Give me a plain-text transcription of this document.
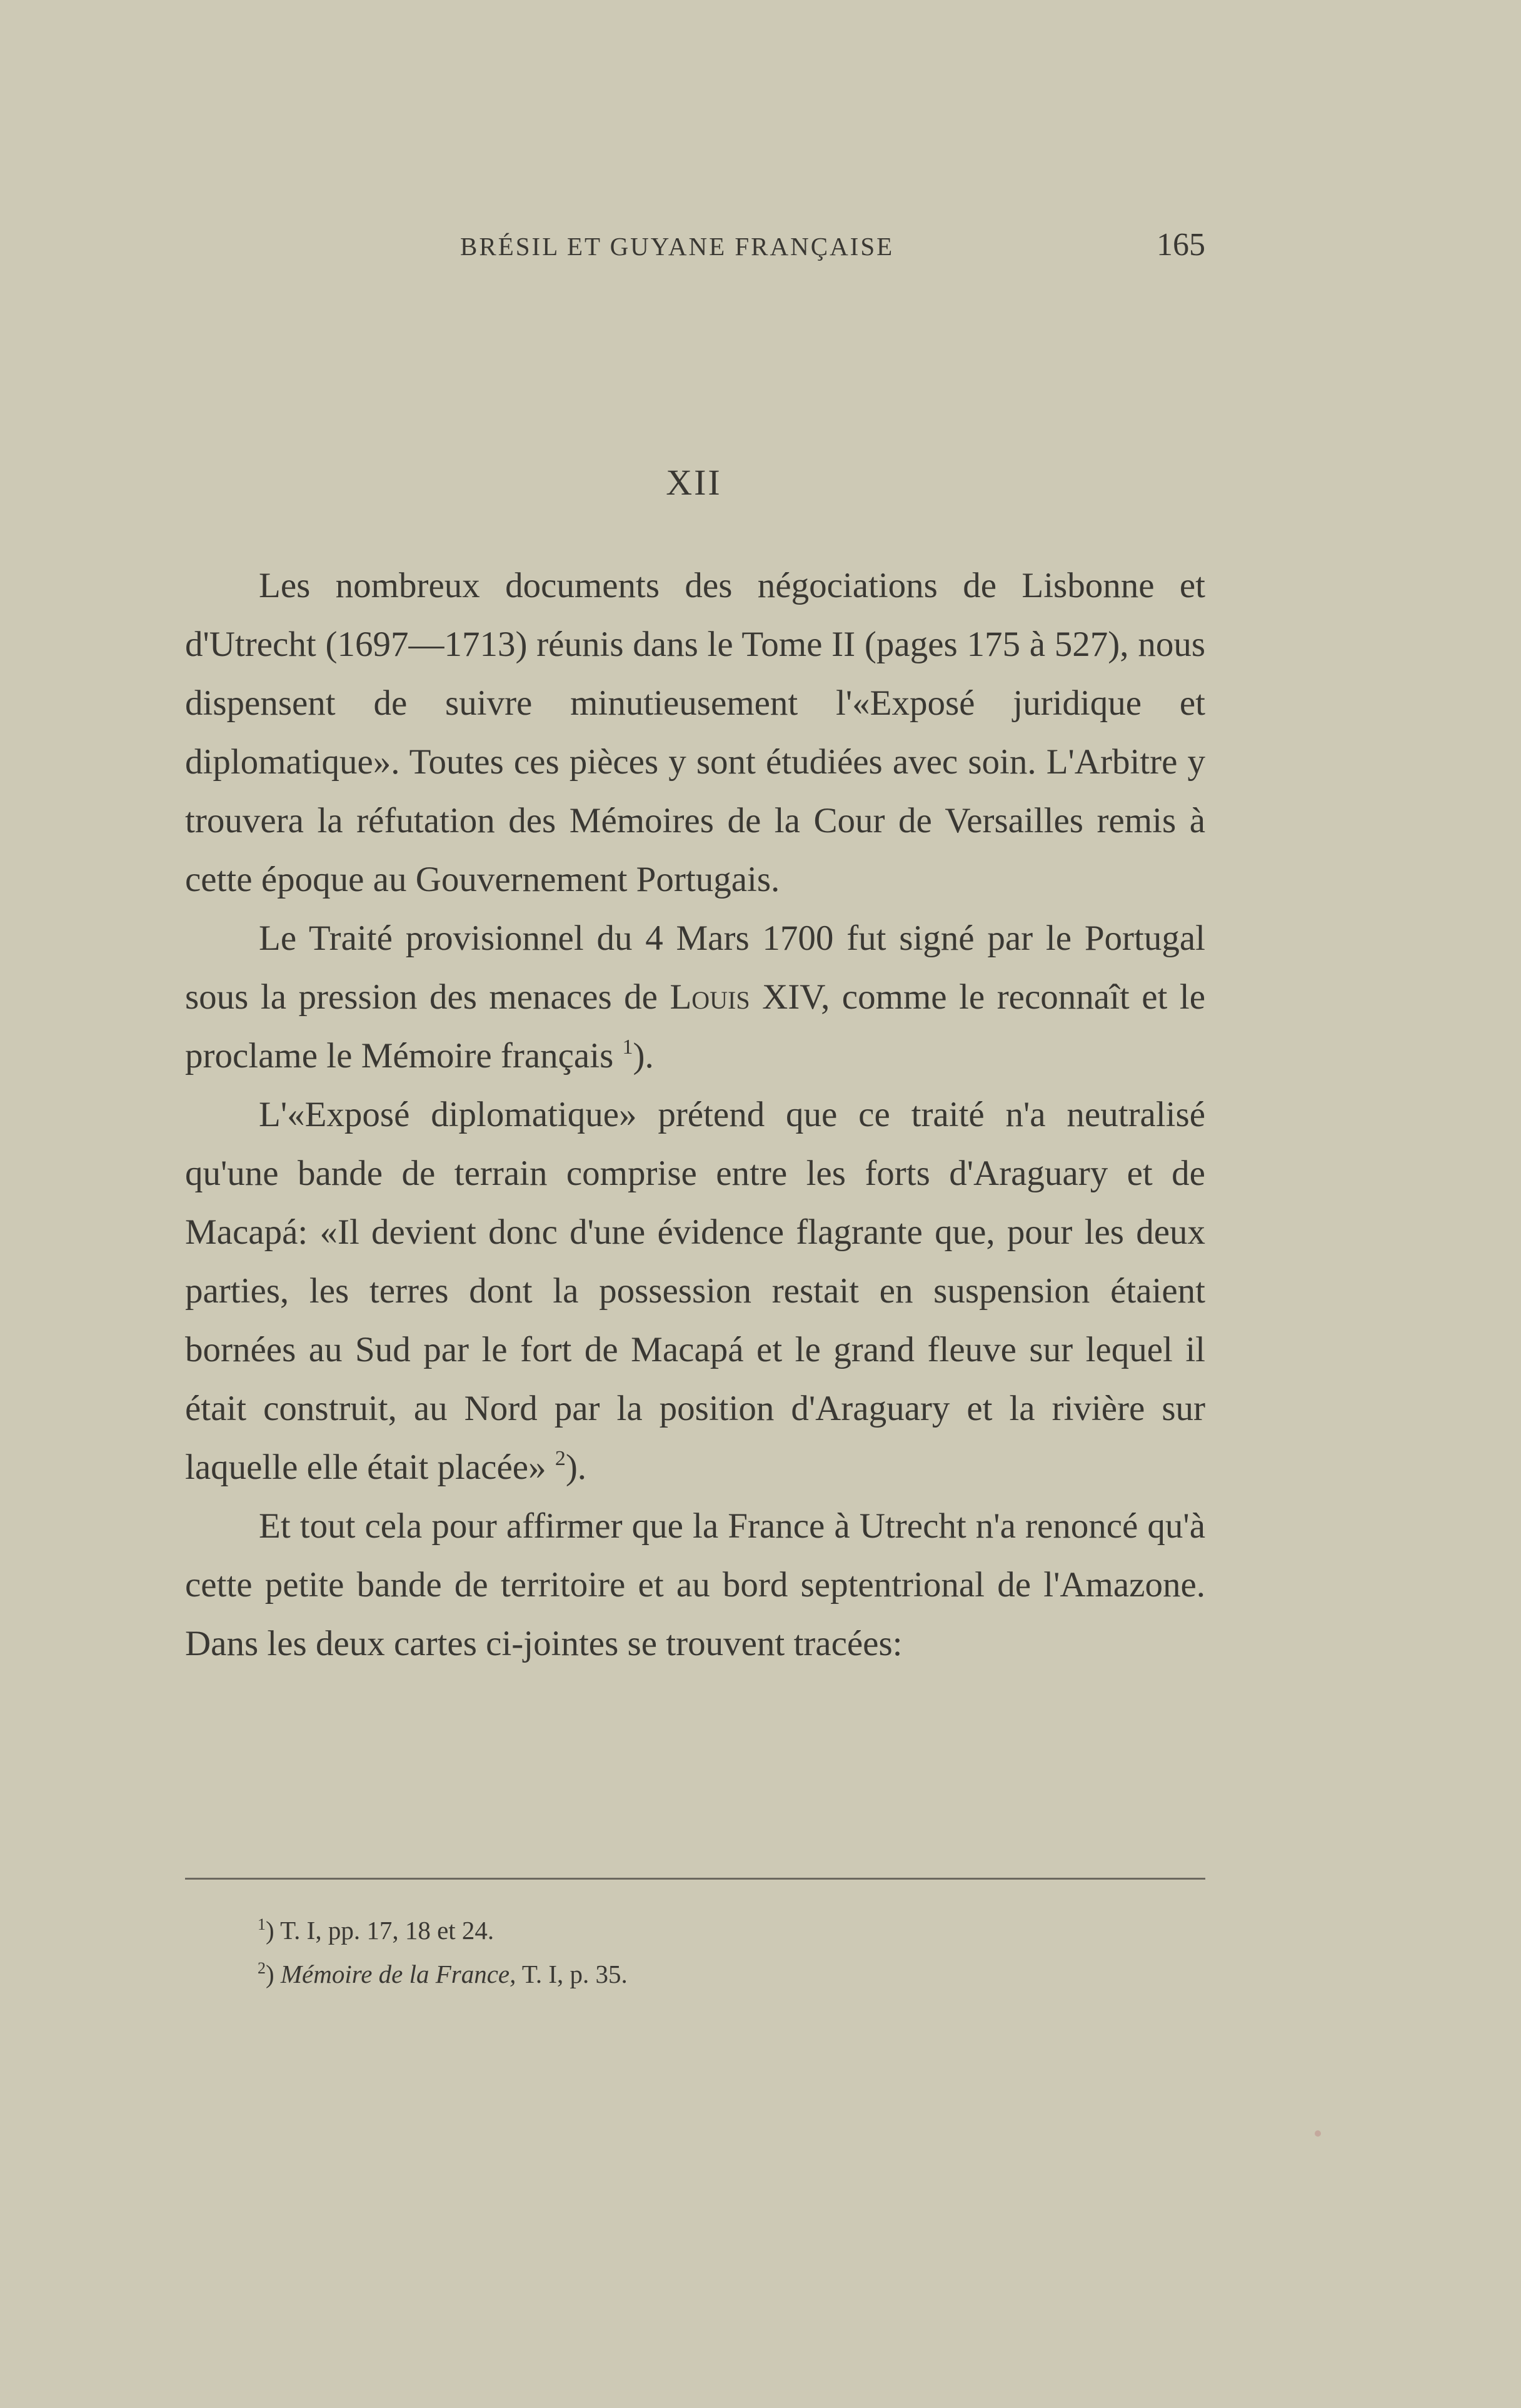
BRÉSIL ET GUYANE FRANÇAISE	165
XII

Les nombreux documents des négociations de Lisbonne et d'Utrecht (1697—1713) réunis dans le Tome II (pages 175 à 527), nous dispensent de suivre minutieusement l'«Exposé juridique et diplomatique». Toutes ces pièces y sont étudiées avec soin. L'Arbitre y trouvera la réfutation des Mémoires de la Cour de Versailles remis à cette époque au Gouvernement Portugais.

Le Traité provisionnel du 4 Mars 1700 fut signé par le Portugal sous la pression des menaces de Louis XIV, comme le reconnaît et le proclame le Mémoire français $^1$).

L'«Exposé diplomatique» prétend que ce traité n'a neutralisé qu'une bande de terrain comprise entre les forts d'Araguary et de Macapá: «Il devient donc d'une évidence flagrante que, pour les deux parties, les terres dont la possession restait en suspension étaient bornées au Sud par le fort de Macapá et le grand fleuve sur lequel il était construit, au Nord par la position d'Araguary et la rivière sur laquelle elle était placée» $^2$).

Et tout cela pour affirmer que la France à Utrecht n'a renoncé qu'à cette petite bande de territoire et au bord septentrional de l'Amazone. Dans les deux cartes ci-jointes se trouvent tracées:

$^1$) T. I, pp. 17, 18 et 24.
$^2$) Mémoire de la France, T. I, p. 35.
